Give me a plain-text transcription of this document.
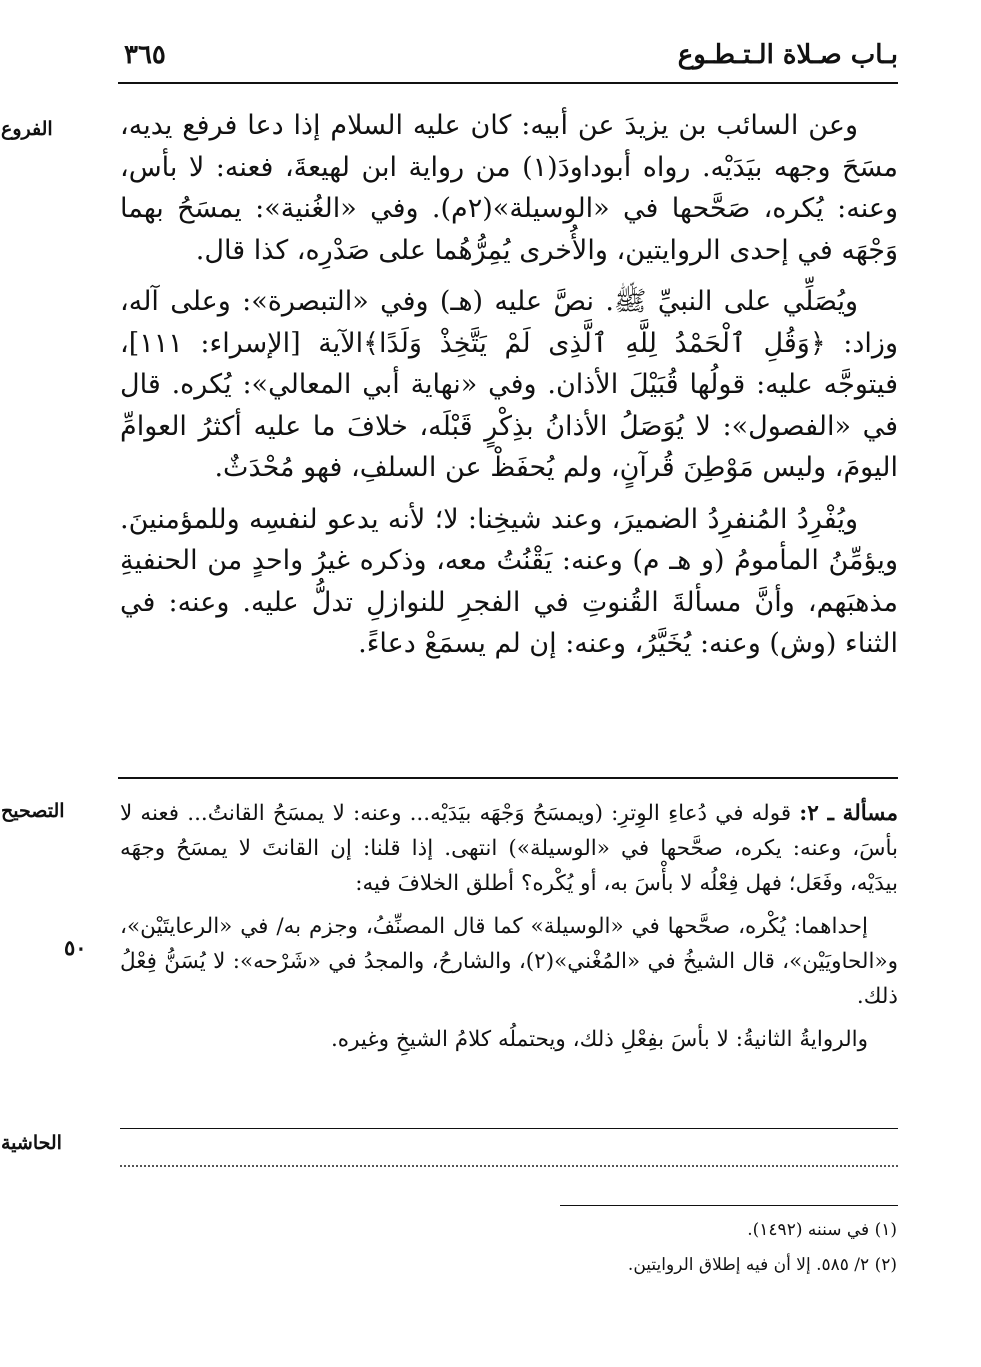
بـاب صـلاة الـتـطـوع
٣٦٥
الفروع	وعن السائب بن يزيدَ عن أبيه: كان عليه السلام إذا دعا فرفع يديه، مسَحَ وجهه بيَدَيْه. رواه أبوداودَ(١) من رواية ابن لهيعةَ، فعنه: لا بأس، وعنه: يُكره، صَحَّحها في «الوسيلة»(٢م). وفي «الغُنية»: يمسَحُ بهما وَجْهَه في إحدى الروايتين، والأُخرى يُمِرُّهُما على صَدْرِه، كذا قال.

ويُصَلِّي على النبيِّ ﷺ. نصَّ عليه (هـ) وفي «التبصرة»: وعلى آله، وزاد: ﴿وَقُلِ ٱلْحَمْدُ لِلَّهِ ٱلَّذِى لَمْ يَتَّخِذْ وَلَدًا﴾الآية [الإسراء: ١١١]، فيتوجَّه عليه: قولُها قُبَيْلَ الأذان. وفي «نهاية أبي المعالي»: يُكره. قال في «الفصول»: لا يُوَصَلُ الأذانُ بذِكْرٍ قَبْلَه، خلافَ ما عليه أكثرُ العوامِّ اليومَ، وليس مَوْطِنَ قُرآنٍ، ولم يُحفَظْ عن السلفِ، فهو مُحْدَثٌ.

ويُفْرِدُ المُنفرِدُ الضميرَ، وعند شيخِنا: لا؛ لأنه يدعو لنفسِه وللمؤمنينَ. ويؤمِّنُ المأمومُ (و هـ م) وعنه: يَقْنُتُ معه، وذكره غيرُ واحدٍ من الحنفيةِ مذهبَهم، وأنَّ مسألةَ القُنوتِ في الفجرِ للنوازلِ تدلُّ عليه. وعنه: في الثناء (وش) وعنه: يُخَيَّرُ، وعنه: إن لم يسمَعْ دعاءً.

التصحيح
٥٠

مسألة ـ ٢: قوله في دُعاءِ الوِترِ: (ويمسَحُ وَجْهَه بيَدَيْه... وعنه: لا يمسَحُ القانتُ... فعنه لا بأسَ، وعنه: يكره، صحَّحها في «الوسيلة») انتهى. إذا قلنا: إن القانتَ لا يمسَحُ وجهَه بيدَيْه، وفَعَل؛ فهل فِعْلُه لا بأْسَ به، أو يُكْره؟ أطلق الخلافَ فيه:

إحداهما: يُكْره، صحَّحها في «الوسيلة» كما قال المصنِّفُ، وجزم به/ في «الرعايتَيْن»، و«الحاويَيْن»، قال الشيخُ في «المُغْني»(٢)، والشارحُ، والمجدُ في «شَرْحه»: لا يُسَنُّ فِعْلُ ذلك.

والروايةُ الثانيةُ: لا بأسَ بفِعْلِ ذلك، ويحتملُه كلامُ الشيخِ وغيره.

الحاشية
(١) في سننه (١٤٩٢).
(٢) ٢/ ٥٨٥. إلا أن فيه إطلاق الروايتين.
